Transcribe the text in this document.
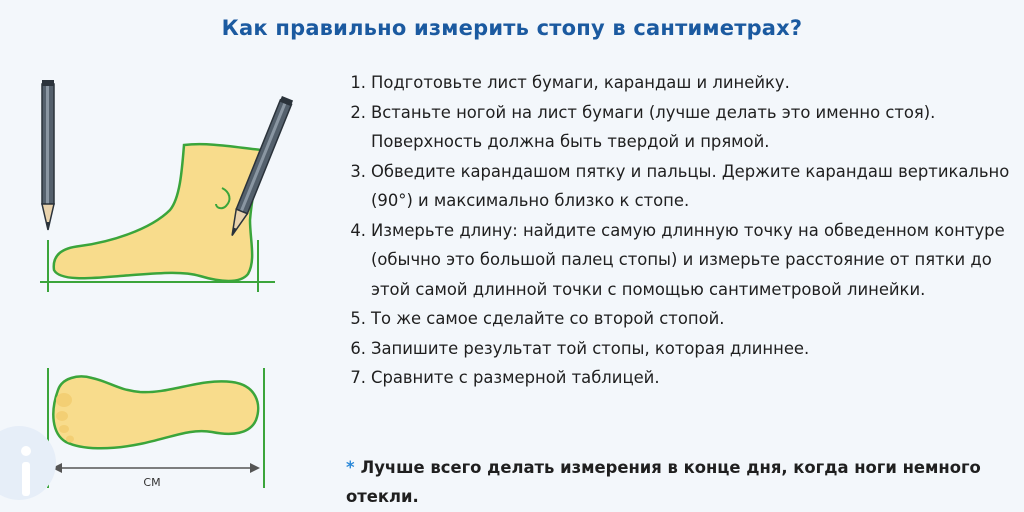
Как правильно измерить стопу в сантиметрах?
СМ
1. Подготовьте лист бумаги, карандаш и линейку.
2. Встаньте ногой на лист бумаги (лучше делать это именно стоя). Поверхность должна быть твердой и прямой.
3. Обведите карандашом пятку и пальцы. Держите карандаш вертикально (90°) и максимально близко к стопе.
4. Измерьте длину: найдите самую длинную точку на обведенном контуре (обычно это большой палец стопы) и измерьте расстояние от пятки до этой самой длинной точки с помощью сантиметровой линейки.
5. То же самое сделайте со второй стопой.
6. Запишите результат той стопы, которая длиннее.
7. Сравните с размерной таблицей.
* Лучше всего делать измерения в конце дня, когда ноги немного отекли.
